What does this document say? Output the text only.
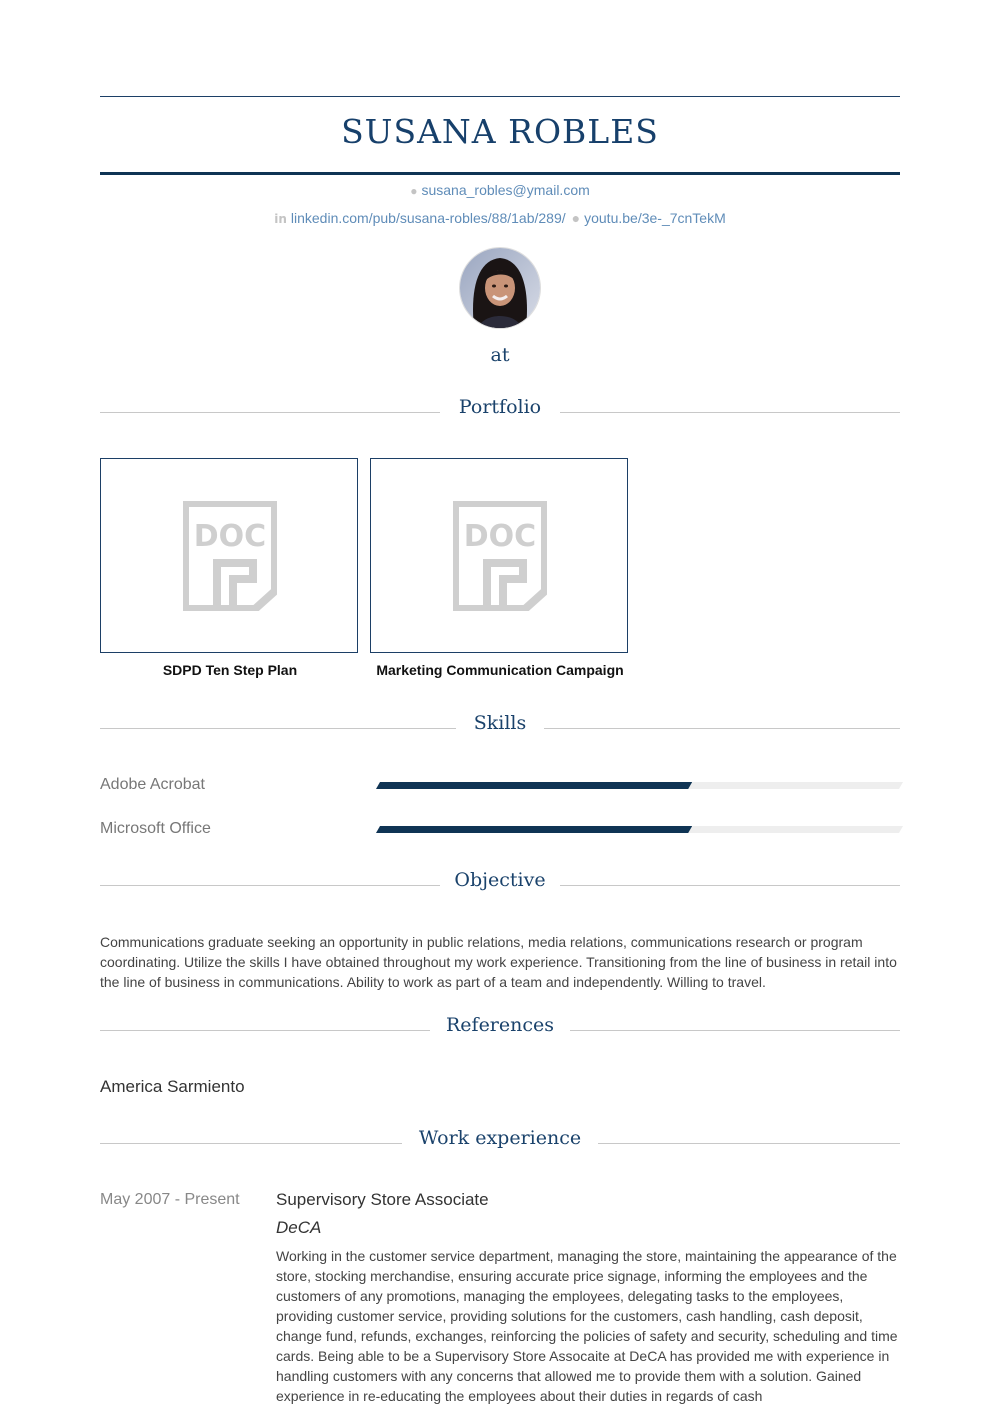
SUSANA ROBLES
● susana_robles@ymail.com
in linkedin.com/pub/susana-robles/88/1ab/289/ ● youtu.be/3e-_7cnTekM
at
Portfolio
DOC
SDPD Ten Step Plan
DOC
Marketing Communication Campaign
Skills
Adobe Acrobat
Microsoft Office
Objective
Communications graduate seeking an opportunity in public relations, media relations, communications research or program coordinating. Utilize the skills I have obtained throughout my work experience. Transitioning from the line of business in retail into the line of business in communications. Ability to work as part of a team and independently. Willing to travel.
References
America Sarmiento
Work experience
May 2007 - Present Supervisory Store Associate
DeCA
Working in the customer service department, managing the store, maintaining the appearance of the store, stocking merchandise, ensuring accurate price signage, informing the employees and the customers of any promotions, managing the employees, delegating tasks to the employees, providing customer service, providing solutions for the customers, cash handling, cash deposit, change fund, refunds, exchanges, reinforcing the policies of safety and security, scheduling and time cards. Being able to be a Supervisory Store Assocaite at DeCA has provided me with experience in handling customers with any concerns that allowed me to provide them with a solution. Gained experience in re-educating the employees about their duties in regards of cash
